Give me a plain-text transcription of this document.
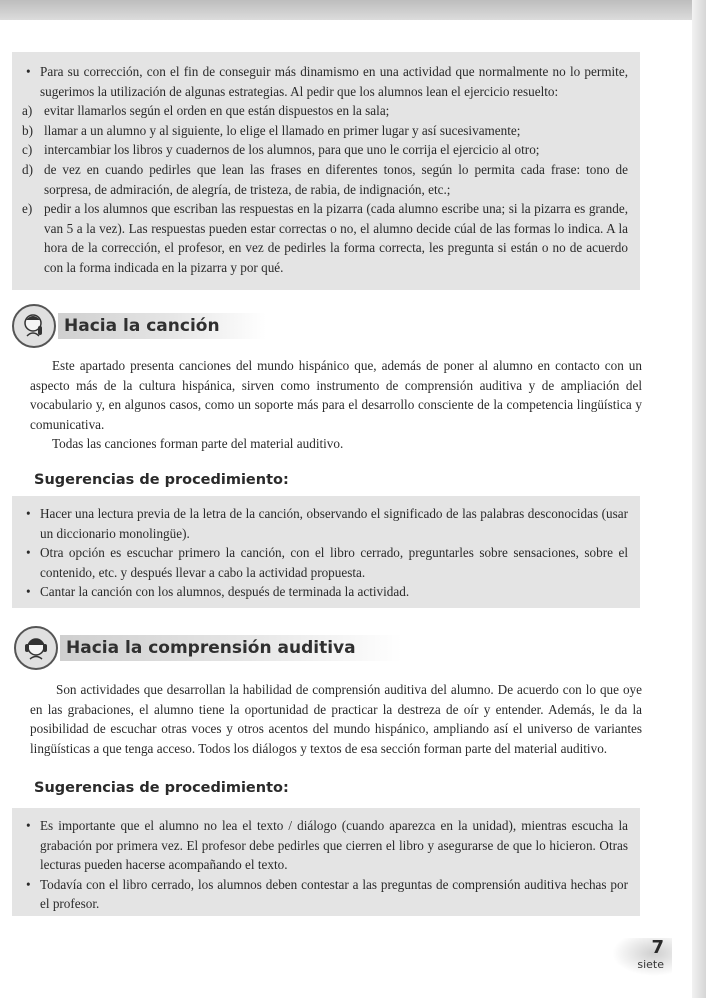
• Para su corrección, con el fin de conseguir más dinamismo en una actividad que normalmente no lo permite, sugerimos la utilización de algunas estrategias. Al pedir que los alumnos lean el ejercicio resuelto:

a) evitar llamarlos según el orden en que están dispuestos en la sala;

b) llamar a un alumno y al siguiente, lo elige el llamado en primer lugar y así sucesivamente;

c) intercambiar los libros y cuadernos de los alumnos, para que uno le corrija el ejercicio al otro;

d) de vez en cuando pedirles que lean las frases en diferentes tonos, según lo permita cada frase: tono de sorpresa, de admiración, de alegría, de tristeza, de rabia, de indignación, etc.;

e) pedir a los alumnos que escriban las respuestas en la pizarra (cada alumno escribe una; si la pizarra es grande, van 5 a la vez). Las respuestas pueden estar correctas o no, el alumno decide cúal de las formas lo indica. A la hora de la corrección, el profesor, en vez de pedirles la forma correcta, les pregunta si están o no de acuerdo con la forma indicada en la pizarra y por qué.

Hacia la canción

Este apartado presenta canciones del mundo hispánico que, además de poner al alumno en contacto con un aspecto más de la cultura hispánica, sirven como instrumento de comprensión auditiva y de ampliación del vocabulario y, en algunos casos, como un soporte más para el desarrollo consciente de la competencia lingüística y comunicativa.

Todas las canciones forman parte del material auditivo.

Sugerencias de procedimiento:

• Hacer una lectura previa de la letra de la canción, observando el significado de las palabras desconocidas (usar un diccionario monolingüe).

• Otra opción es escuchar primero la canción, con el libro cerrado, preguntarles sobre sensaciones, sobre el contenido, etc. y después llevar a cabo la actividad propuesta.

• Cantar la canción con los alumnos, después de terminada la actividad.

Hacia la comprensión auditiva

Son actividades que desarrollan la habilidad de comprensión auditiva del alumno. De acuerdo con lo que oye en las grabaciones, el alumno tiene la oportunidad de practicar la destreza de oír y entender. Además, le da la posibilidad de escuchar otras voces y otros acentos del mundo hispánico, ampliando así el universo de variantes lingüísticas a que tenga acceso. Todos los diálogos y textos de esa sección forman parte del material auditivo.

Sugerencias de procedimiento:

• Es importante que el alumno no lea el texto / diálogo (cuando aparezca en la unidad), mientras escucha la grabación por primera vez. El profesor debe pedirles que cierren el libro y asegurarse de que lo hicieron. Otras lecturas pueden hacerse acompañando el texto.

• Todavía con el libro cerrado, los alumnos deben contestar a las preguntas de comprensión auditiva hechas por el profesor.

7
siete
